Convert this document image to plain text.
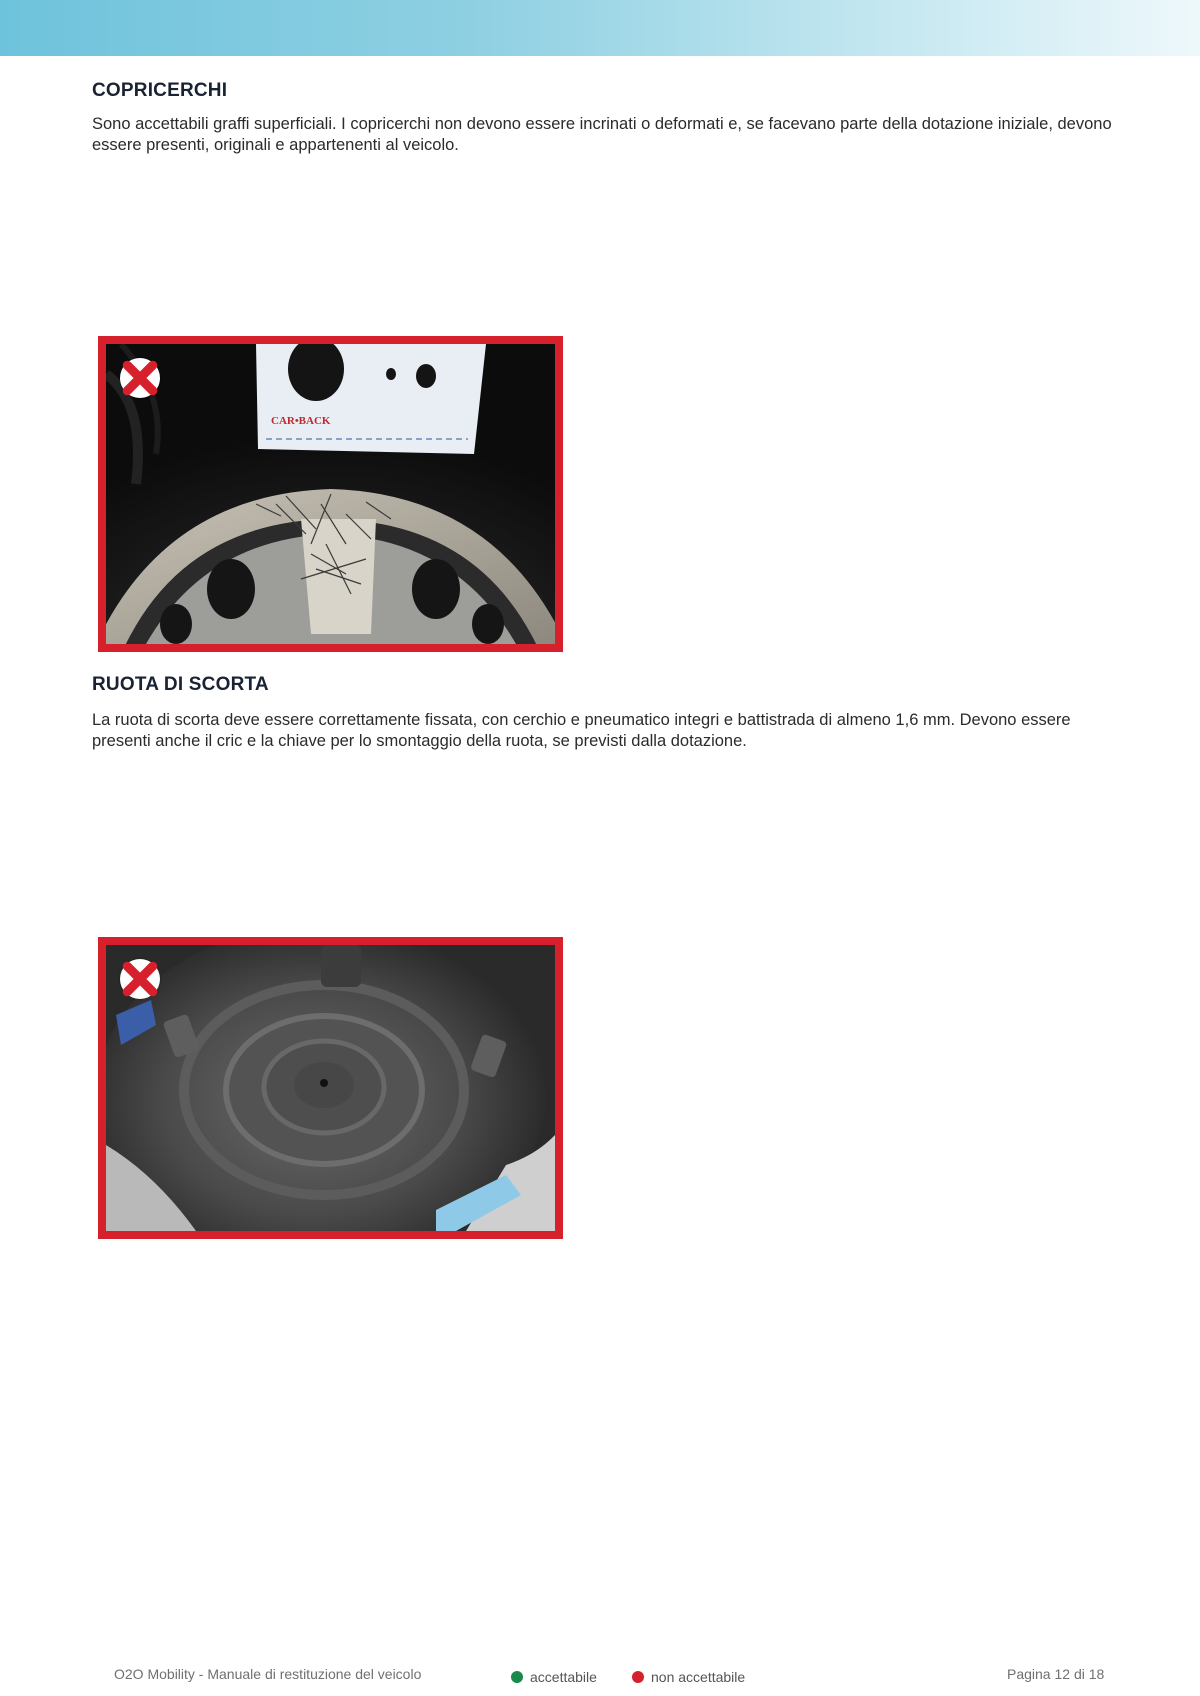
COPRICERCHI

Sono accettabili graffi superficiali. I copricerchi non devono essere incrinati o deformati e, se facevano parte della dotazione iniziale, devono essere presenti, originali e appartenenti al veicolo.

CAR•BACK
RUOTA DI SCORTA

La ruota di scorta deve essere correttamente fissata, con cerchio e pneumatico integri e battistrada di almeno 1,6 mm. Devono essere presenti anche il cric e la chiave per lo smontaggio della ruota, se previsti dalla dotazione.

O2O Mobility - Manuale di restituzione del veicolo	accettabile	non accettabile	Pagina 12 di 18
